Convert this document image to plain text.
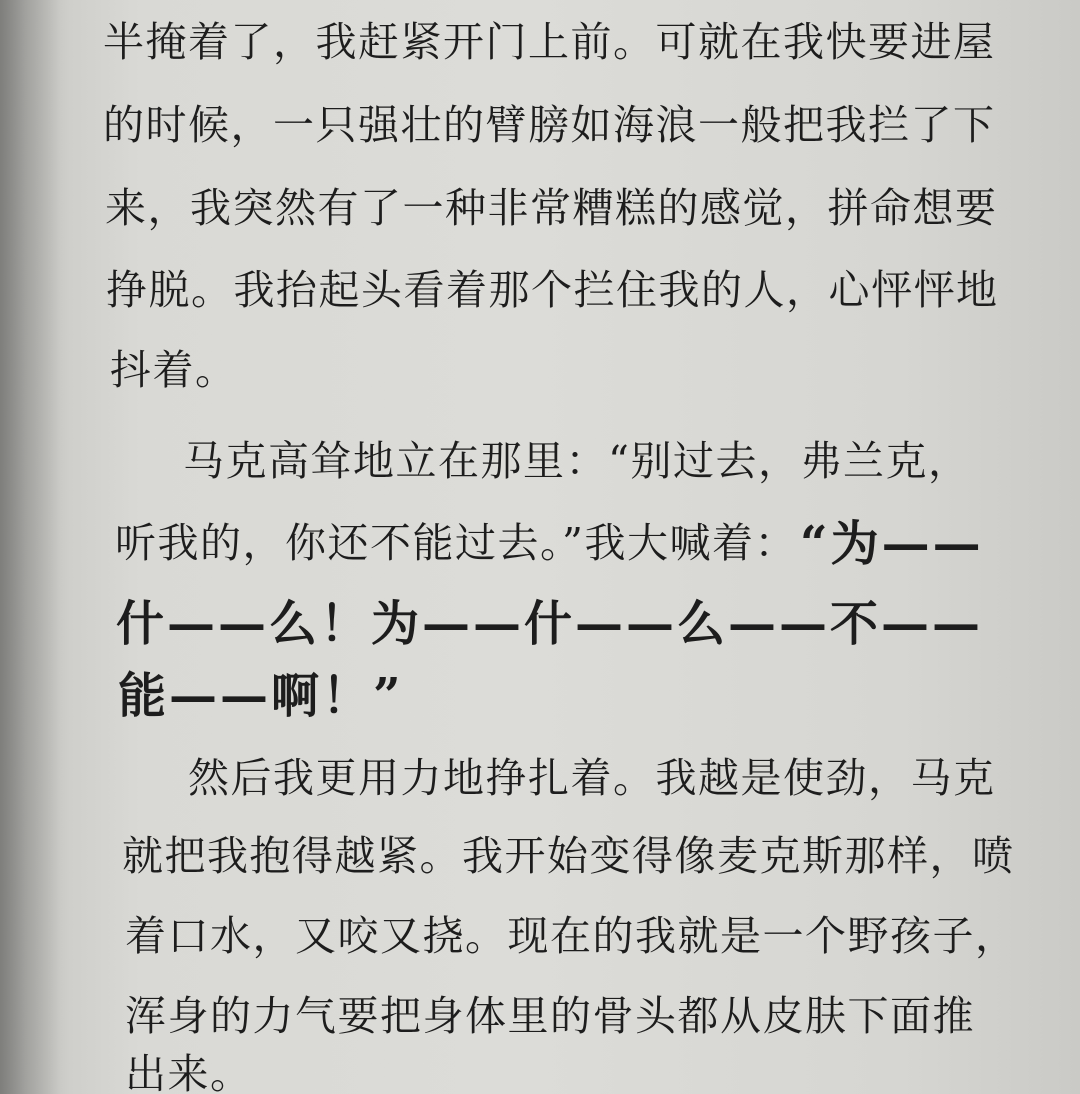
半掩着了，我赶紧开门上前。可就在我快要进屋
的时候，一只强壮的臂膀如海浪一般把我拦了下
来，我突然有了一种非常糟糕的感觉，拼命想要
挣脱。我抬起头看着那个拦住我的人，心怦怦地
抖着。
马克高耸地立在那里：“别过去，弗兰克，
听我的，你还不能过去。”我大喊着： “为——
什——么！为——什——么——不——
能——啊！”
然后我更用力地挣扎着。我越是使劲，马克
就把我抱得越紧。我开始变得像麦克斯那样，喷
着口水，又咬又挠。现在的我就是一个野孩子，
浑身的力气要把身体里的骨头都从皮肤下面推
出来。
